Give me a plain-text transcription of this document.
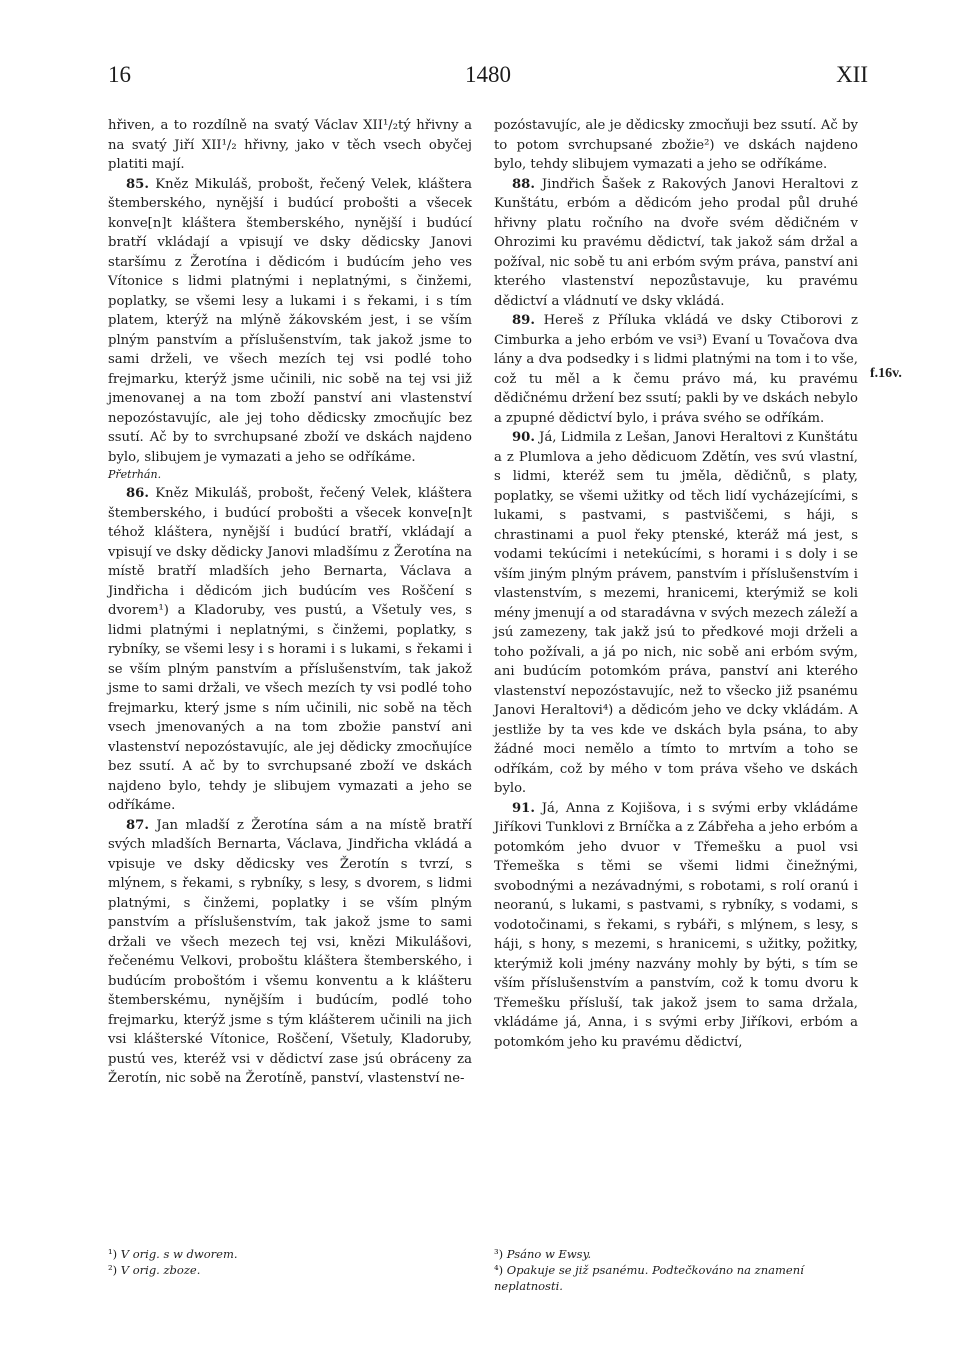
16	1480	XII
f.16v.

hřiven, a to rozdílně na svatý Václav XII¹/₂tý hřivny a na svatý Jiří XII¹/₂ hřivny, jako v těch vsech obyčej platiti mají.

85. Kněz Mikuláš, probošt, řečený Velek, kláštera štemberského, nynější i budúcí probošti a všecek konve[n]t kláštera štemberského, nynější i budúcí bratří vkládají a vpisují ve dsky dědicsky Janovi staršímu z Žerotína i dědicóm i budúcím jeho ves Vítonice s lidmi platnými i neplatnými, s činžemi, poplatky, se všemi lesy a lukami i s řekami, i s tím platem, kterýž na mlýně žákovském jest, i se vším plným panstvím a příslušenstvím, tak jakož jsme to sami drželi, ve všech mezích tej vsi podlé toho frejmarku, kterýž jsme učinili, nic sobě na tej vsi již jmenovanej a na tom zboží panství ani vlastenství nepozóstavujíc, ale jej toho dědicsky zmocňujíc bez ssutí. Ač by to svrchupsané zboží ve dskách najdeno bylo, slibujem je vymazati a jeho se odříkáme.

Přetrhán.

86. Kněz Mikuláš, probošt, řečený Velek, kláštera štemberského, i budúcí probošti a všecek konve[n]t téhož kláštera, nynější i budúcí bratří, vkládají a vpisují ve dsky dědicky Janovi mladšímu z Žerotína na místě bratří mladších jeho Bernarta, Václava a Jindřicha i dědicóm jich budúcím ves Roščení s dvorem¹) a Kladoruby, ves pustú, a Všetuly ves, s lidmi platnými i neplatnými, s činžemi, poplatky, s rybníky, se všemi lesy i s horami i s lukami, s řekami i se vším plným panstvím a příslušenstvím, tak jakož jsme to sami držali, ve všech mezích ty vsi podlé toho frejmarku, který jsme s ním učinili, nic sobě na těch vsech jmenovaných a na tom zbožie panství ani vlastenství nepozóstavujíc, ale jej dědicky zmocňujíce bez ssutí. A ač by to svrchupsané zboží ve dskách najdeno bylo, tehdy je slibujem vymazati a jeho se odříkáme.

87. Jan mladší z Žerotína sám a na místě bratří svých mladších Bernarta, Václava, Jindřicha vkládá a vpisuje ve dsky dědicsky ves Žerotín s tvrzí, s mlýnem, s řekami, s rybníky, s lesy, s dvorem, s lidmi platnými, s činžemi, poplatky i se vším plným panstvím a příslušenstvím, tak jakož jsme to sami držali ve všech mezech tej vsi, knězi Mikulášovi, řečenému Velkovi, proboštu kláštera štemberského, i budúcím proboštóm i všemu konventu a k klášteru štemberskému, nynějším i budúcím, podlé toho frejmarku, kterýž jsme s tým klášterem učinili na jich vsi klášterské Vítonice, Roščení, Všetuly, Kladoruby, pustú ves, kteréž vsi v dědictví zase jsú obráceny za Žerotín, nic sobě na Žerotíně, panství, vlastenství ne-

pozóstavujíc, ale je dědicsky zmocňuji bez ssutí. Ač by to potom svrchupsané zbožie²) ve dskách najdeno bylo, tehdy slibujem vymazati a jeho se odříkáme.

88. Jindřich Šašek z Rakových Janovi Heraltovi z Kunštátu, erbóm a dědicóm jeho prodal půl druhé hřivny platu ročního na dvoře svém dědičném v Ohrozimi ku pravému dědictví, tak jakož sám držal a požíval, nic sobě tu ani erbóm svým práva, panství ani kterého vlastenství nepozůstavuje, ku pravému dědictví a vládnutí ve dsky vkládá.

89. Hereš z Příluka vkládá ve dsky Ctiborovi z Cimburka a jeho erbóm ve vsi³) Evaní u Tovačova dva lány a dva podsedky i s lidmi platnými na tom i to vše, což tu měl a k čemu právo má, ku pravému dědičnému držení bez ssutí; pakli by ve dskách nebylo a zpupné dědictví bylo, i práva svého se odříkám.

90. Já, Lidmila z Lešan, Janovi Heraltovi z Kunštátu a z Plumlova a jeho dědicuom Zdětín, ves svú vlastní, s lidmi, kteréž sem tu jměla, dědičnů, s platy, poplatky, se všemi užitky od těch lidí vycházejícími, s lukami, s pastvami, s pastviščemi, s háji, s chrastinami a puol řeky ptenské, kteráž má jest, s vodami tekúcími i netekúcími, s horami i s doly i se vším jiným plným právem, panstvím i příslušenstvím i vlastenstvím, s mezemi, hranicemi, kterýmiž se koli mény jmenují a od staradávna v svých mezech záleží a jsú zamezeny, tak jakž jsú to předkové moji drželi a toho požívali, a já po nich, nic sobě ani erbóm svým, ani budúcím potomkóm práva, panství ani kterého vlastenství nepozóstavujíc, než to všecko již psanému Janovi Heraltovi⁴) a dědicóm jeho ve dcky vkládám. A jestliže by ta ves kde ve dskách byla psána, to aby žádné moci nemělo a tímto to mrtvím a toho se odříkám, což by mého v tom práva všeho ve dskách bylo.

91. Já, Anna z Kojišova, i s svými erby vkládáme Jiříkovi Tunklovi z Brníčka a z Zábřeha a jeho erbóm a potomkóm jeho dvuor v Třemešku a puol vsi Třemeška s těmi se všemi lidmi činežnými, svobodnými a nezávadnými, s robotami, s rolí oranú i neoranú, s lukami, s pastvami, s rybníky, s vodami, s vodotočinami, s řekami, s rybáři, s mlýnem, s lesy, s háji, s hony, s mezemi, s hranicemi, s užitky, požitky, kterýmiž koli jmény nazvány mohly by býti, s tím se vším příslušenstvím a panstvím, což k tomu dvoru k Třemešku přísluší, tak jakož jsem to sama držala, vkládáme já, Anna, i s svými erby Jiříkovi, erbóm a potomkóm jeho ku pravému dědictví,

¹) V orig. s w dworem.

²) V orig. zboze.

³) Psáno w Ewsy.

⁴) Opakuje se již psanému. Podtečkováno na znamení neplatnosti.
